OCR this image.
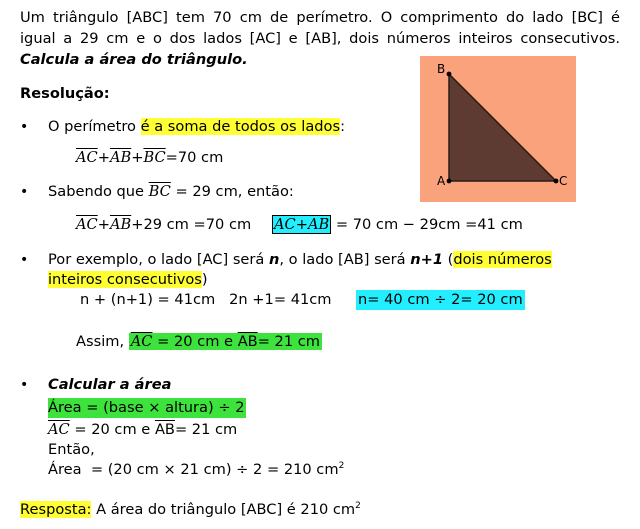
Um triângulo [ABC] tem 70 cm de perímetro. O comprimento do lado [BC] é
igual a 29 cm e o dos lados [AC] e [AB], dois números inteiros consecutivos.
Calcula a área do triângulo.
B
A	C
Resolução:
• O perímetro é a soma de todos os lados:
$\overline{AC}+\overline{AB}+\overline{BC}=70$ cm
• Sabendo que $\overline{BC} = 29$ cm, então:
$\overline{AC}+\overline{AB}+29$ cm =70 cm $\overline{AC}+\overline{AB} = 70$ cm − 29cm =41 cm
• Por exemplo, o lado [AC] será n, o lado [AB] será n+1 (dois números
inteiros consecutivos)
n + (n+1) = 41cm   2n +1= 41cm n= 40 cm ÷ 2= 20 cm
Assim, $\overline{AC} = 20$ cm e $\overline{AB}= 21$ cm
• Calcular a área
Área = (base × altura) ÷ 2
$\overline{AC} = 20$ cm e $\overline{AB}= 21$ cm
Então,
Área  = (20 cm × 21 cm) ÷ 2 = 210 $cm^2$
Resposta: A área do triângulo [ABC] é 210 $cm^2$
